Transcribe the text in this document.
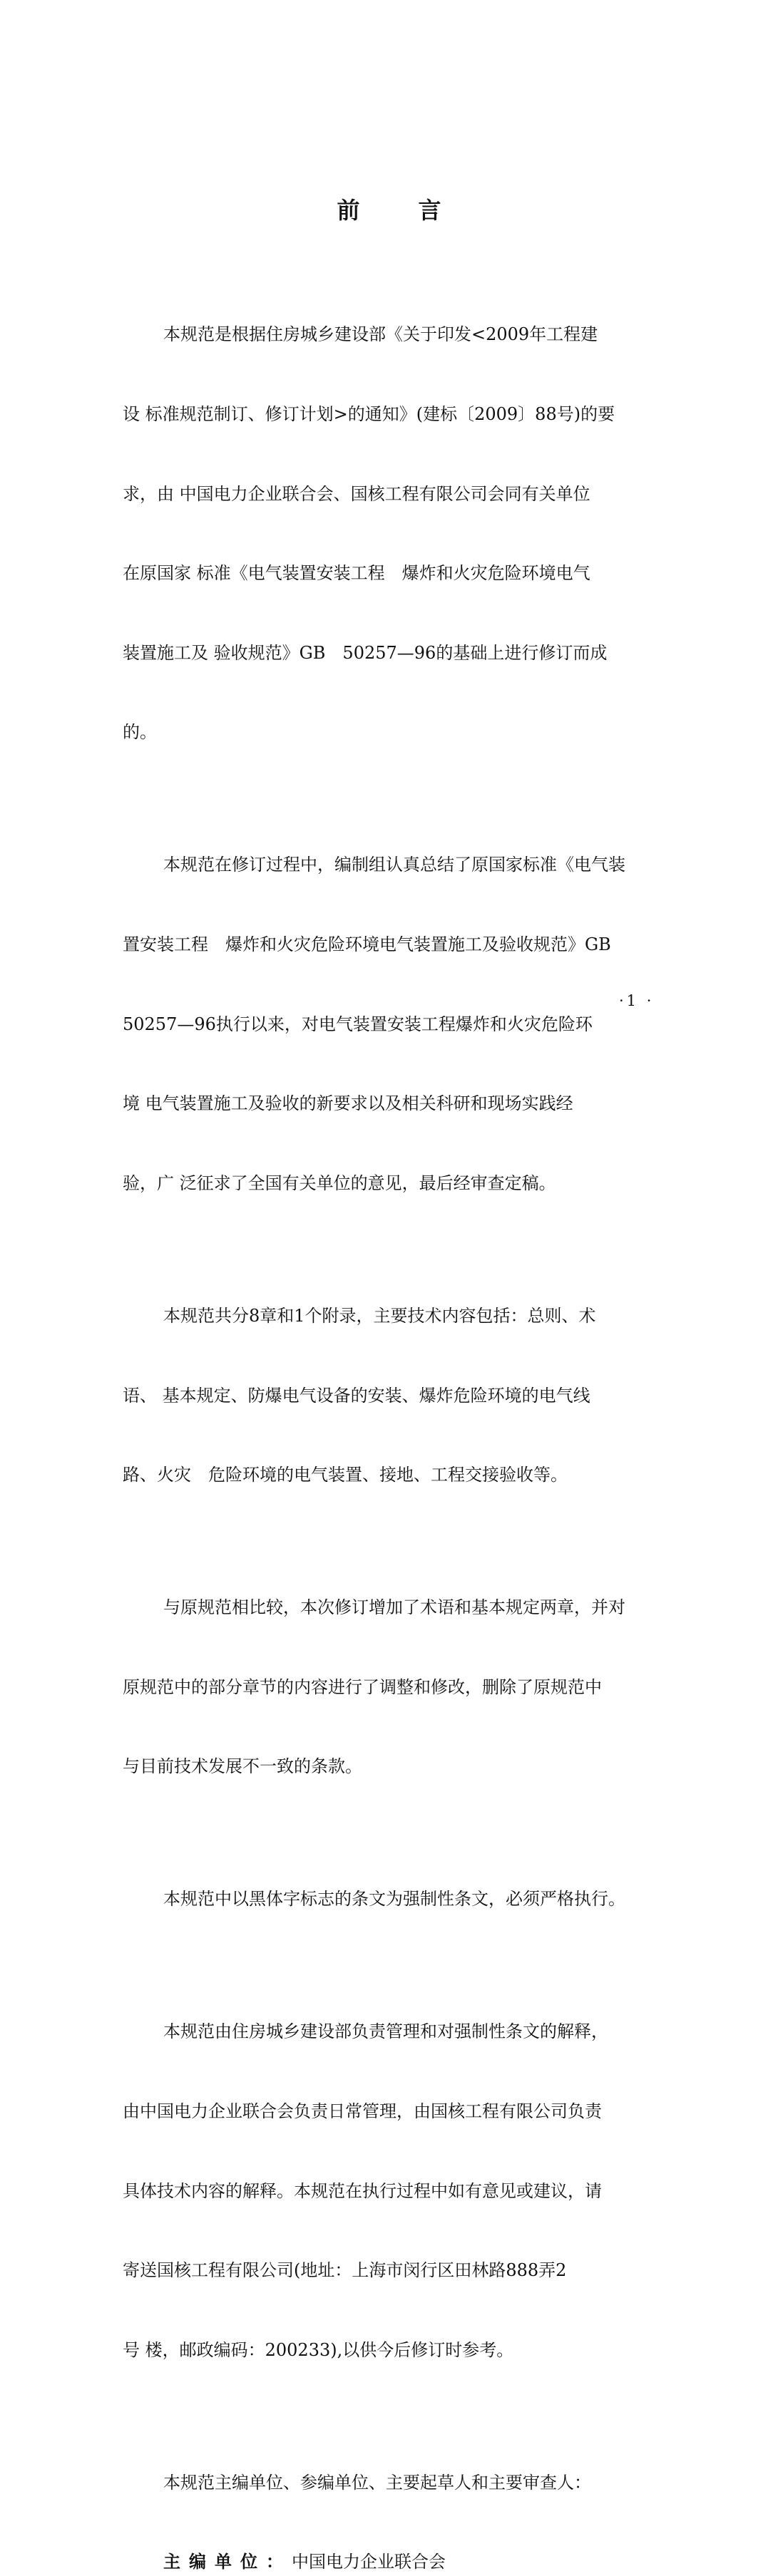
前言

本规范是根据住房城乡建设部《关于印发<2009年工程建

设 标准规范制订、修订计划>的通知》(建标〔2009〕88号)的要

求，由 中国电力企业联合会、国核工程有限公司会同有关单位

在原国家 标准《电气装置安装工程　爆炸和火灾危险环境电气

装置施工及 验收规范》GB　50257—96的基础上进行修订而成

的。

本规范在修订过程中，编制组认真总结了原国家标准《电气装

置安装工程　爆炸和火灾危险环境电气装置施工及验收规范》GB

50257—96执行以来，对电气装置安装工程爆炸和火灾危险环

境 电气装置施工及验收的新要求以及相关科研和现场实践经

验，广 泛征求了全国有关单位的意见，最后经审查定稿。

本规范共分8章和1个附录，主要技术内容包括：总则、术

语、 基本规定、防爆电气设备的安装、爆炸危险环境的电气线

路、火灾　危险环境的电气装置、接地、工程交接验收等。

与原规范相比较，本次修订增加了术语和基本规定两章，并对

原规范中的部分章节的内容进行了调整和修改，删除了原规范中

与目前技术发展不一致的条款。

本规范中以黑体字标志的条文为强制性条文，必须严格执行。

本规范由住房城乡建设部负责管理和对强制性条文的解释，

由中国电力企业联合会负责日常管理，由国核工程有限公司负责

具体技术内容的解释。本规范在执行过程中如有意见或建议，请

寄送国核工程有限公司(地址：上海市闵行区田林路888弄2

号 楼，邮政编码：200233),以供今后修订时参考。

本规范主编单位、参编单位、主要起草人和主要审查人：

主编单位：中国电力企业联合会

·1 ·
